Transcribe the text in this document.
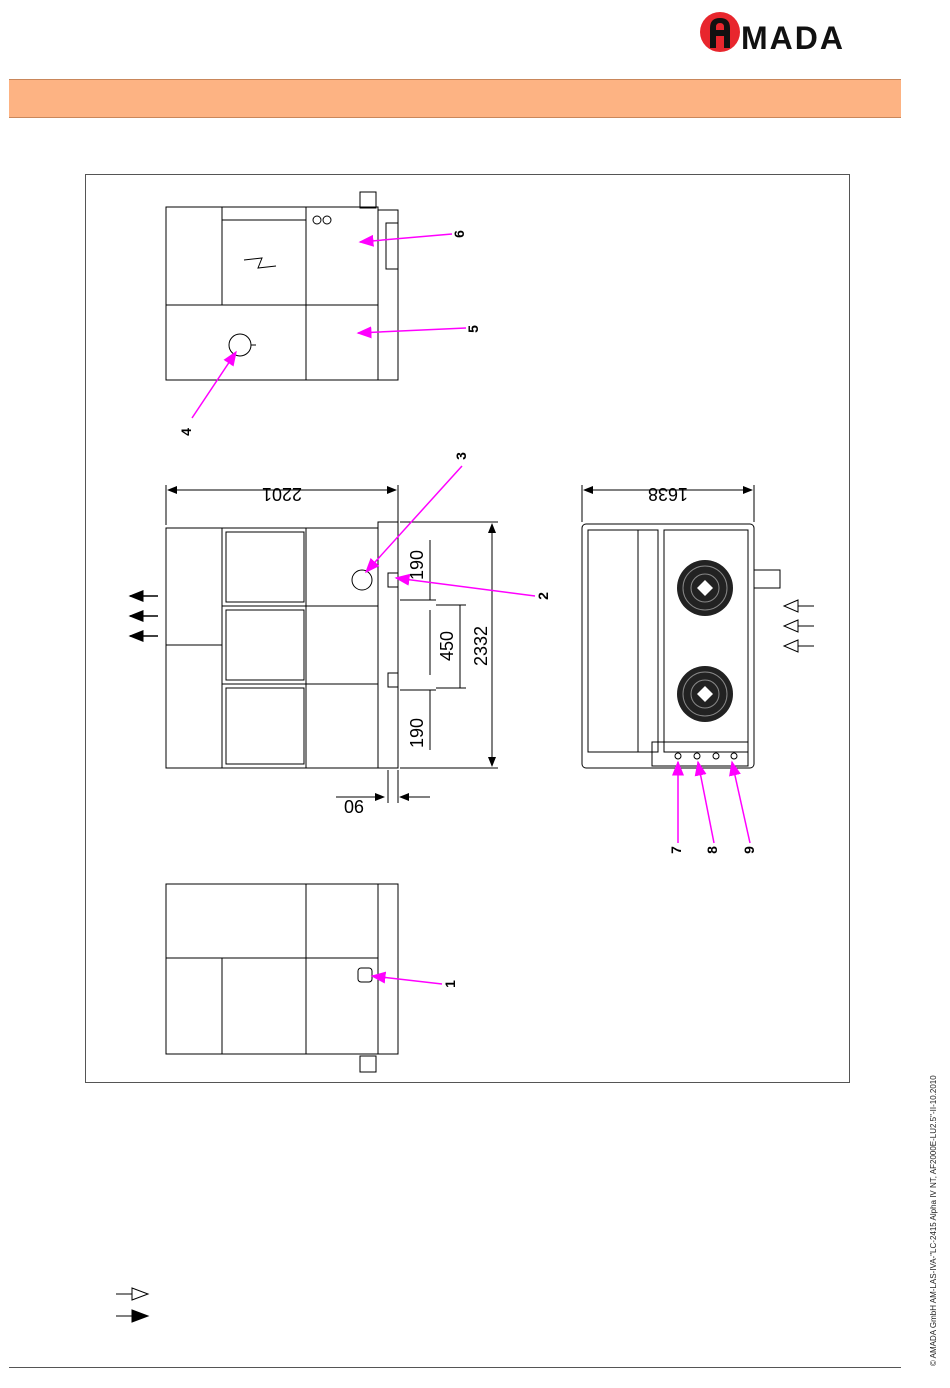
MADA
2201
2332
190
450
190
90
1638
1
2
3
4
5
6
7 8 9
© AMADA GmbH AM-LAS-IVA-"LC-2415 Alpha IV NT, AF2000E-LU2.5"-II-10.2010
